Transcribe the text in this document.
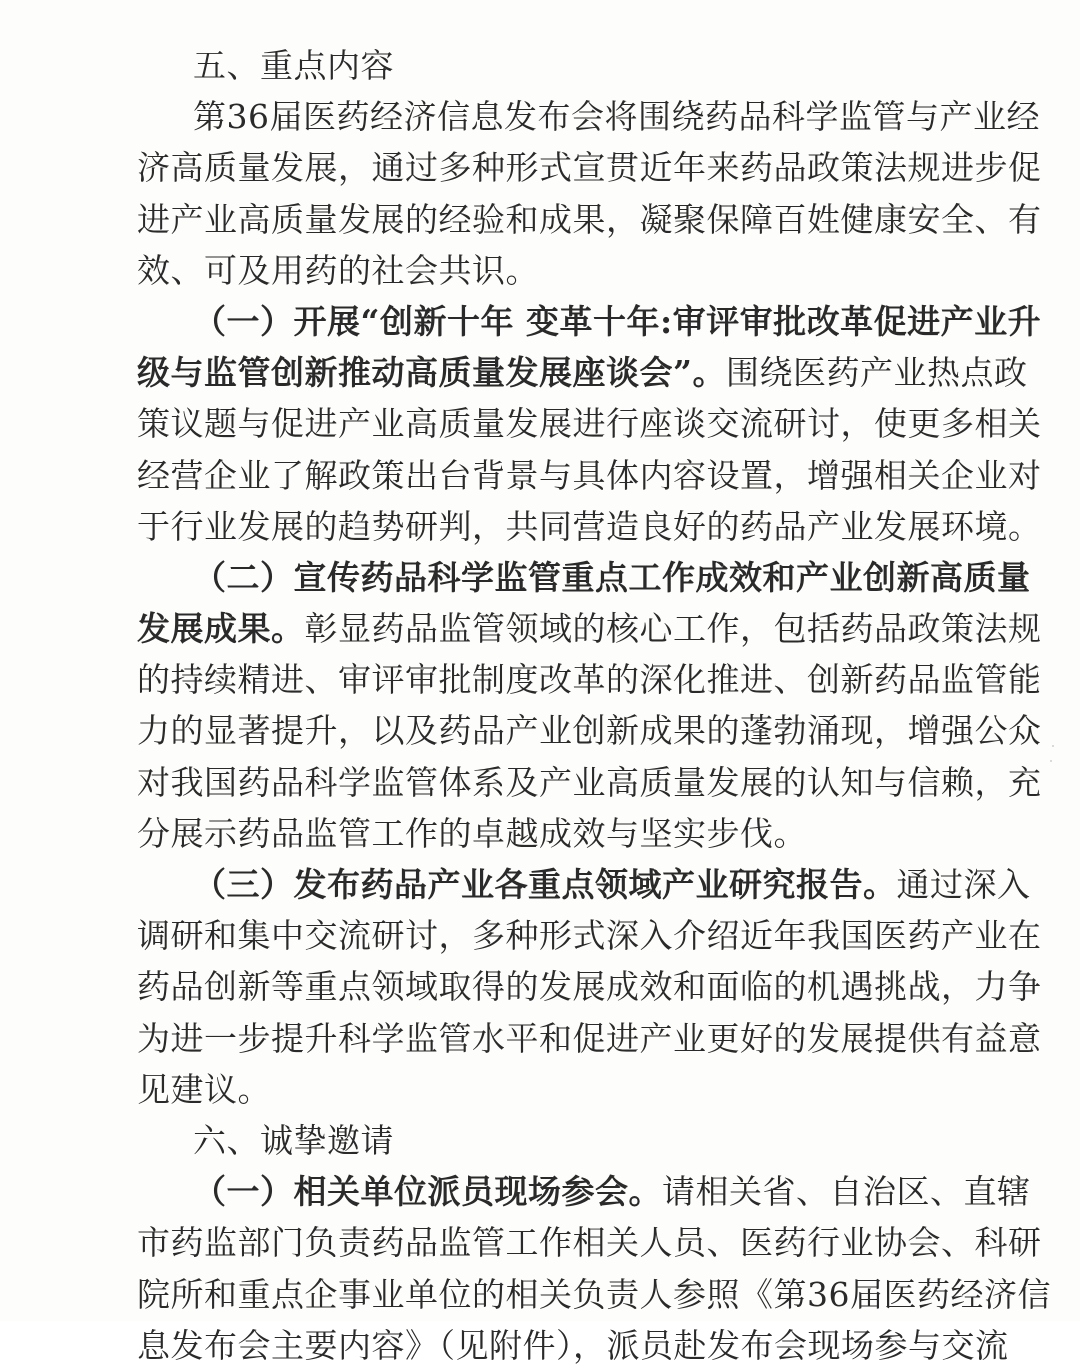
五、重点内容
第36届医药经济信息发布会将围绕药品科学监管与产业经
济高质量发展，通过多种形式宣贯近年来药品政策法规进步促
进产业高质量发展的经验和成果，凝聚保障百姓健康安全、有
效、可及用药的社会共识。
（一）开展“创新十年 变革十年:审评审批改革促进产业升
级与监管创新推动高质量发展座谈会”。围绕医药产业热点政
策议题与促进产业高质量发展进行座谈交流研讨，使更多相关
经营企业了解政策出台背景与具体内容设置，增强相关企业对
于行业发展的趋势研判，共同营造良好的药品产业发展环境。
（二）宣传药品科学监管重点工作成效和产业创新高质量
发展成果。彰显药品监管领域的核心工作，包括药品政策法规
的持续精进、审评审批制度改革的深化推进、创新药品监管能
力的显著提升，以及药品产业创新成果的蓬勃涌现，增强公众
对我国药品科学监管体系及产业高质量发展的认知与信赖，充
分展示药品监管工作的卓越成效与坚实步伐。
（三）发布药品产业各重点领域产业研究报告。通过深入
调研和集中交流研讨，多种形式深入介绍近年我国医药产业在
药品创新等重点领域取得的发展成效和面临的机遇挑战，力争
为进一步提升科学监管水平和促进产业更好的发展提供有益意
见建议。
六、诚挚邀请
（一）相关单位派员现场参会。请相关省、自治区、直辖
市药监部门负责药品监管工作相关人员、医药行业协会、科研
院所和重点企事业单位的相关负责人参照《第36届医药经济信
息发布会主要内容》（见附件），派员赴发布会现场参与交流
